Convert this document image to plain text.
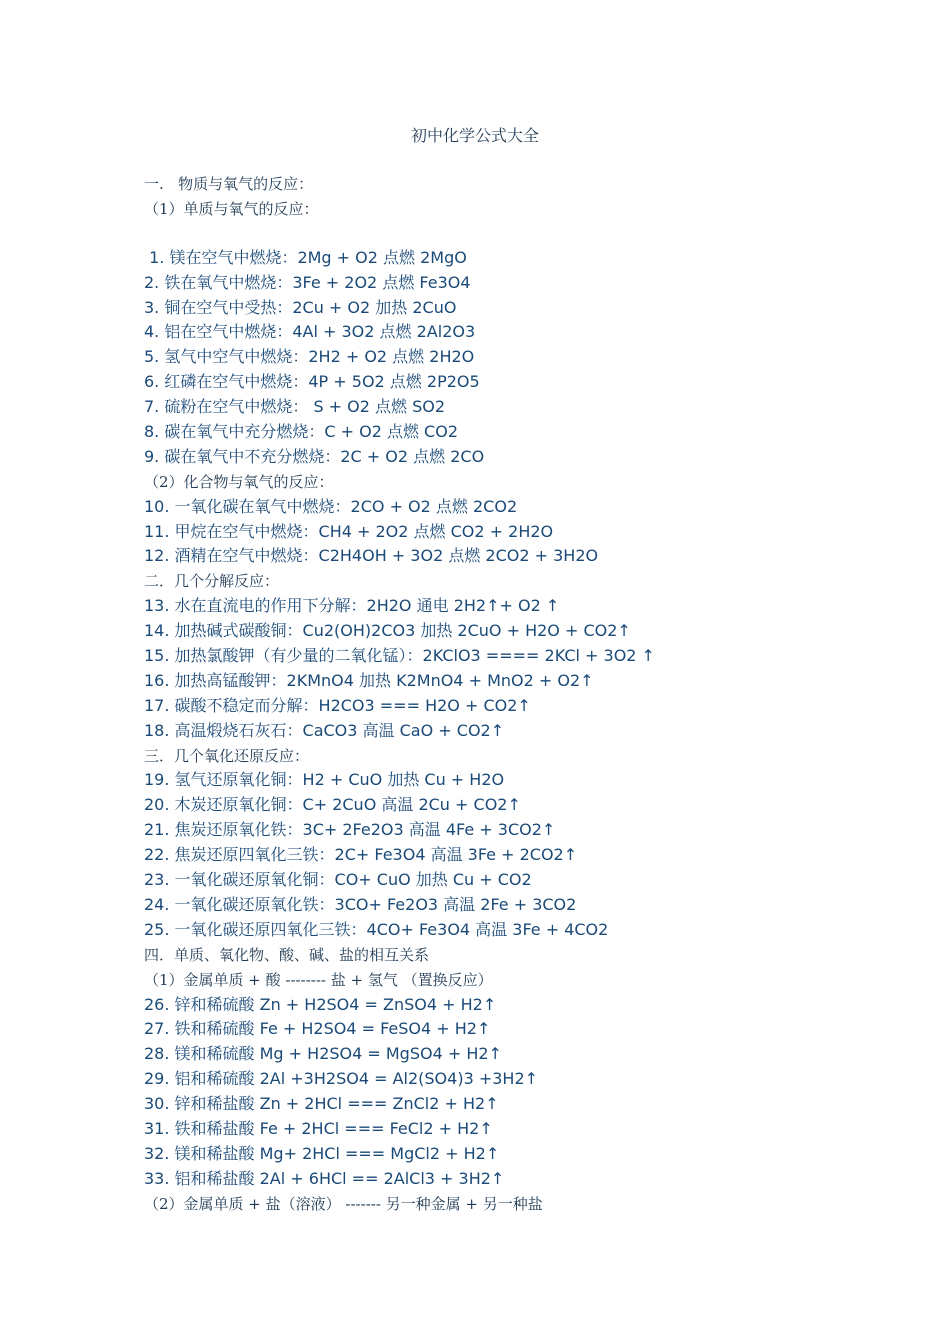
初中化学公式大全
一.   物质与氧气的反应：
（1）单质与氧气的反应：
1. 镁在空气中燃烧：2Mg + O2 点燃 2MgO
2. 铁在氧气中燃烧：3Fe + 2O2 点燃 Fe3O4
3. 铜在空气中受热：2Cu + O2 加热 2CuO
4. 铝在空气中燃烧：4Al + 3O2 点燃 2Al2O3
5. 氢气中空气中燃烧：2H2 + O2 点燃 2H2O
6. 红磷在空气中燃烧：4P + 5O2 点燃 2P2O5
7. 硫粉在空气中燃烧： S + O2 点燃 SO2
8. 碳在氧气中充分燃烧：C + O2 点燃 CO2
9. 碳在氧气中不充分燃烧：2C + O2 点燃 2CO
（2）化合物与氧气的反应：
10. 一氧化碳在氧气中燃烧：2CO + O2 点燃 2CO2
11. 甲烷在空气中燃烧：CH4 + 2O2 点燃 CO2 + 2H2O
12. 酒精在空气中燃烧：C2H4OH + 3O2 点燃 2CO2 + 3H2O
二．几个分解反应：
13. 水在直流电的作用下分解：2H2O 通电 2H2↑+ O2 ↑
14. 加热碱式碳酸铜：Cu2(OH)2CO3 加热 2CuO + H2O + CO2↑
15. 加热氯酸钾（有少量的二氧化锰）：2KClO3 ==== 2KCl + 3O2 ↑
16. 加热高锰酸钾：2KMnO4 加热 K2MnO4 + MnO2 + O2↑
17. 碳酸不稳定而分解：H2CO3 === H2O + CO2↑
18. 高温煅烧石灰石：CaCO3 高温 CaO + CO2↑
三．几个氧化还原反应：
19. 氢气还原氧化铜：H2 + CuO 加热 Cu + H2O
20. 木炭还原氧化铜：C+ 2CuO 高温 2Cu + CO2↑
21. 焦炭还原氧化铁：3C+ 2Fe2O3 高温 4Fe + 3CO2↑
22. 焦炭还原四氧化三铁：2C+ Fe3O4 高温 3Fe + 2CO2↑
23. 一氧化碳还原氧化铜：CO+ CuO 加热 Cu + CO2
24. 一氧化碳还原氧化铁：3CO+ Fe2O3 高温 2Fe + 3CO2
25. 一氧化碳还原四氧化三铁：4CO+ Fe3O4 高温 3Fe + 4CO2
四．单质、氧化物、酸、碱、盐的相互关系
（1）金属单质 + 酸 -------- 盐 + 氢气 （置换反应）
26. 锌和稀硫酸 Zn + H2SO4 = ZnSO4 + H2↑
27. 铁和稀硫酸 Fe + H2SO4 = FeSO4 + H2↑
28. 镁和稀硫酸 Mg + H2SO4 = MgSO4 + H2↑
29. 铝和稀硫酸 2Al +3H2SO4 = Al2(SO4)3 +3H2↑
30. 锌和稀盐酸 Zn + 2HCl === ZnCl2 + H2↑
31. 铁和稀盐酸 Fe + 2HCl === FeCl2 + H2↑
32. 镁和稀盐酸 Mg+ 2HCl === MgCl2 + H2↑
33. 铝和稀盐酸 2Al + 6HCl == 2AlCl3 + 3H2↑
（2）金属单质 + 盐（溶液） ------- 另一种金属 + 另一种盐
